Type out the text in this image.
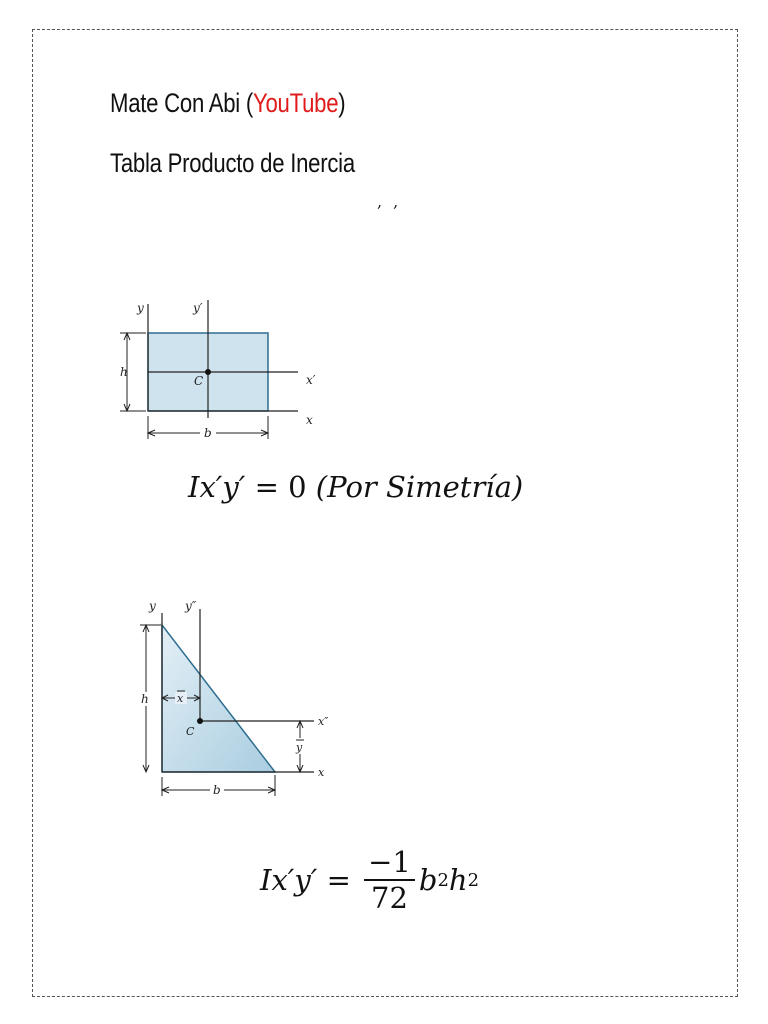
Mate Con Abi (YouTube)
Tabla Producto de Inercia
, ,
y	y′
h
C	x′
x
b
Ix′y′ = 0 (Por Simetría)
y y″
h	x
C
x″
y
x
b
$Ix'y' = \frac{-1}{72}$ b 2 h 2
